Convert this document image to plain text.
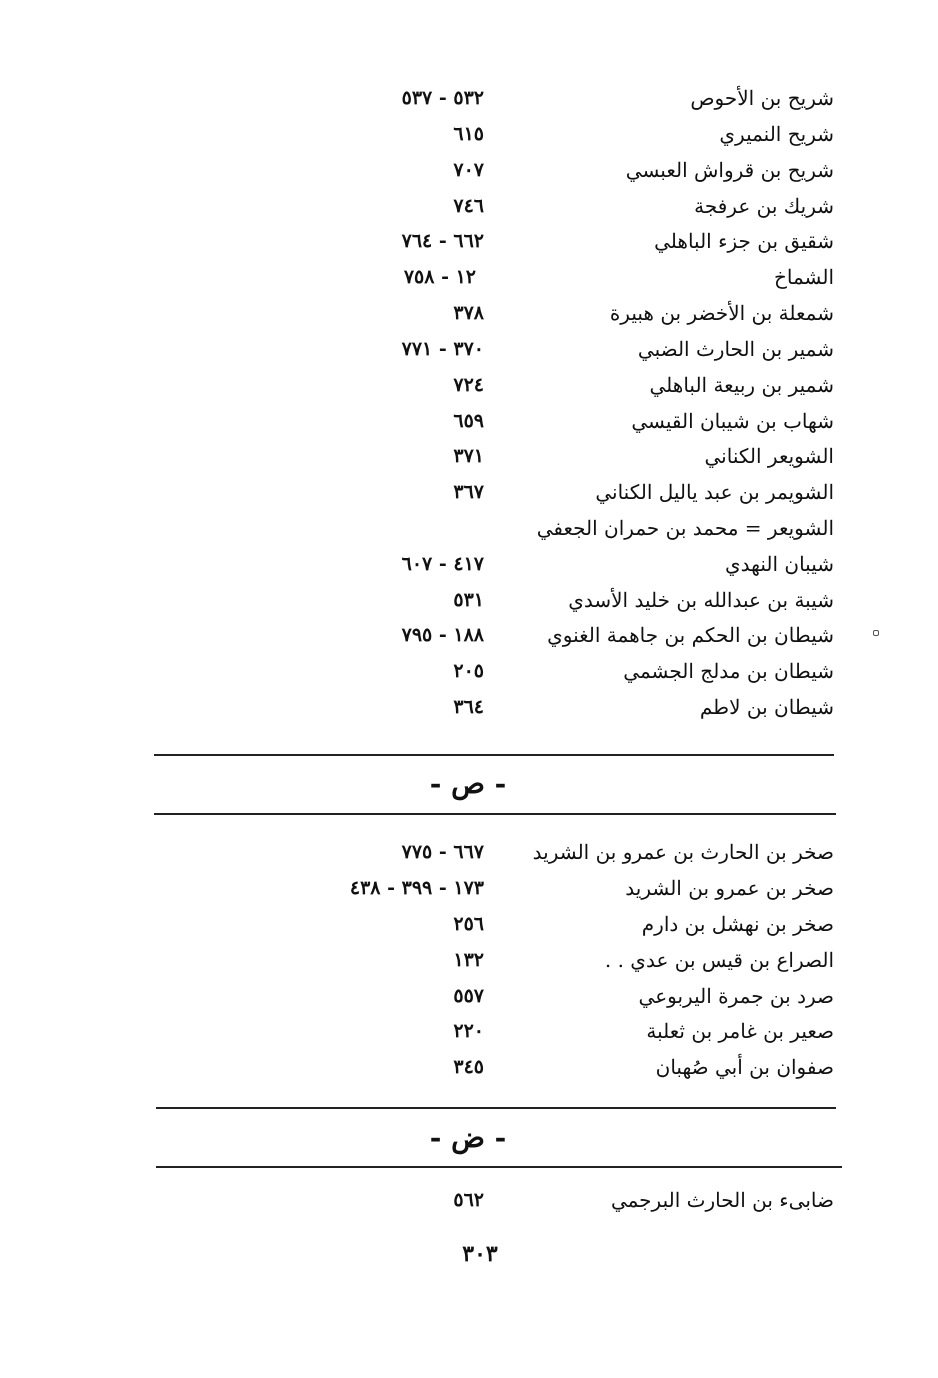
شريح بن الأحوص
٥٣٢ - ٥٣٧
شريح النميري
٦١٥
شريح بن قرواش العبسي
٧٠٧
شريك بن عرفجة
٧٤٦
شقيق بن جزء الباهلي
٦٦٢ - ٧٦٤
الشماخ
١٢ - ٧٥٨
شمعلة بن الأخضر بن هبيرة
٣٧٨
شمير بن الحارث الضبي
٣٧٠ - ٧٧١
شمير بن ربيعة الباهلي
٧٢٤
شهاب بن شيبان القيسي
٦٥٩
الشويعر الكناني
٣٧١
الشويمر بن عبد ياليل الكناني
٣٦٧
الشويعر = محمد بن حمران الجعفي
شيبان النهدي
٤١٧ - ٦٠٧
شيبة بن عبدالله بن خليد الأسدي
٥٣١
شيطان بن الحكم بن جاهمة الغنوي
١٨٨ - ٧٩٥
شيطان بن مدلج الجشمي
٢٠٥
شيطان بن لاطم
٣٦٤
- ص -
صخر بن الحارث بن عمرو بن الشريد
٦٦٧ - ٧٧٥
صخر بن عمرو بن الشريد
١٧٣ - ٣٩٩ - ٤٣٨
صخر بن نهشل بن دارم
٢٥٦
الصراع بن قيس بن عدي . .
١٣٢
صرد بن جمرة اليربوعي
٥٥٧
صعير بن غامر بن ثعلبة
٢٢٠
صفوان بن أبي صُهبان
٣٤٥
- ض -
ضابىء بن الحارث البرجمي
٥٦٢
٣٠٣
